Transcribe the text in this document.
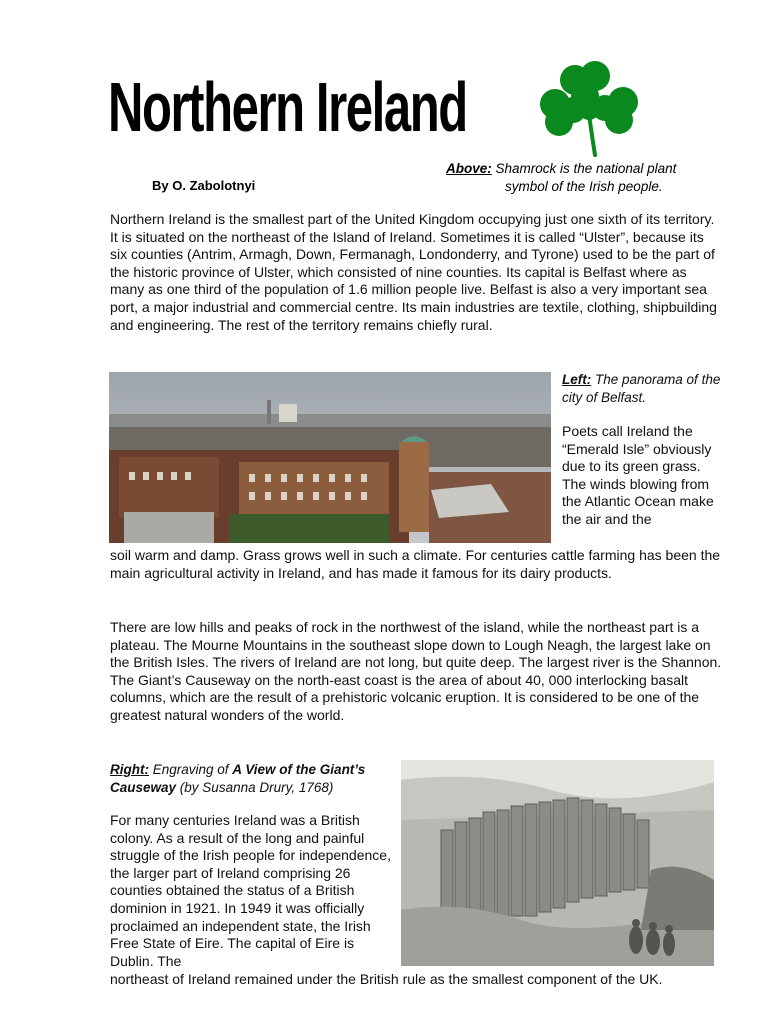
Northern Ireland
By O. Zabolotnyi
Above: Shamrock is the national plant
symbol of the Irish people.

Northern Ireland is the smallest part of the United Kingdom occupying just one sixth of its territory. It is situated on the northeast of the Island of Ireland. Sometimes it is called “Ulster”, because its six counties (Antrim, Armagh, Down, Fermanagh, Londonderry, and Tyrone) used to be the part of the historic province of Ulster, which consisted of nine counties. Its capital is Belfast where as many as one third of the population of 1.6 million people live. Belfast is also a very important sea port, a major industrial and commercial centre. Its main industries are textile, clothing, shipbuilding and engineering. The rest of the territory remains chiefly rural.

Left: The panorama of the city of Belfast.
Poets call Ireland the “Emerald Isle” obviously due to its green grass. The winds blowing from the Atlantic Ocean make the air and the

soil warm and damp. Grass grows well in such a climate. For centuries cattle farming has been the main agricultural activity in Ireland, and has made it famous for its dairy products.

There are low hills and peaks of rock in the northwest of the island, while the northeast part is a plateau. The Mourne Mountains in the southeast slope down to Lough Neagh, the largest lake on the British Isles. The rivers of Ireland are not long, but quite deep. The largest river is the Shannon. The Giant’s Causeway on the north-east coast is the area of about 40, 000 interlocking basalt columns, which are the result of a prehistoric volcanic eruption. It is considered to be one of the greatest natural wonders of the world.

Right: Engraving of A View of the Giant’s Causeway (by Susanna Drury, 1768)
For many centuries Ireland was a British colony. As a result of the long and painful struggle of the Irish people for independence, the larger part of Ireland comprising 26 counties obtained the status of a British dominion in 1921. In 1949 it was officially proclaimed an independent state, the Irish Free State of Eire. The capital of Eire is Dublin. The

northeast of Ireland remained under the British rule as the smallest component of the UK.
